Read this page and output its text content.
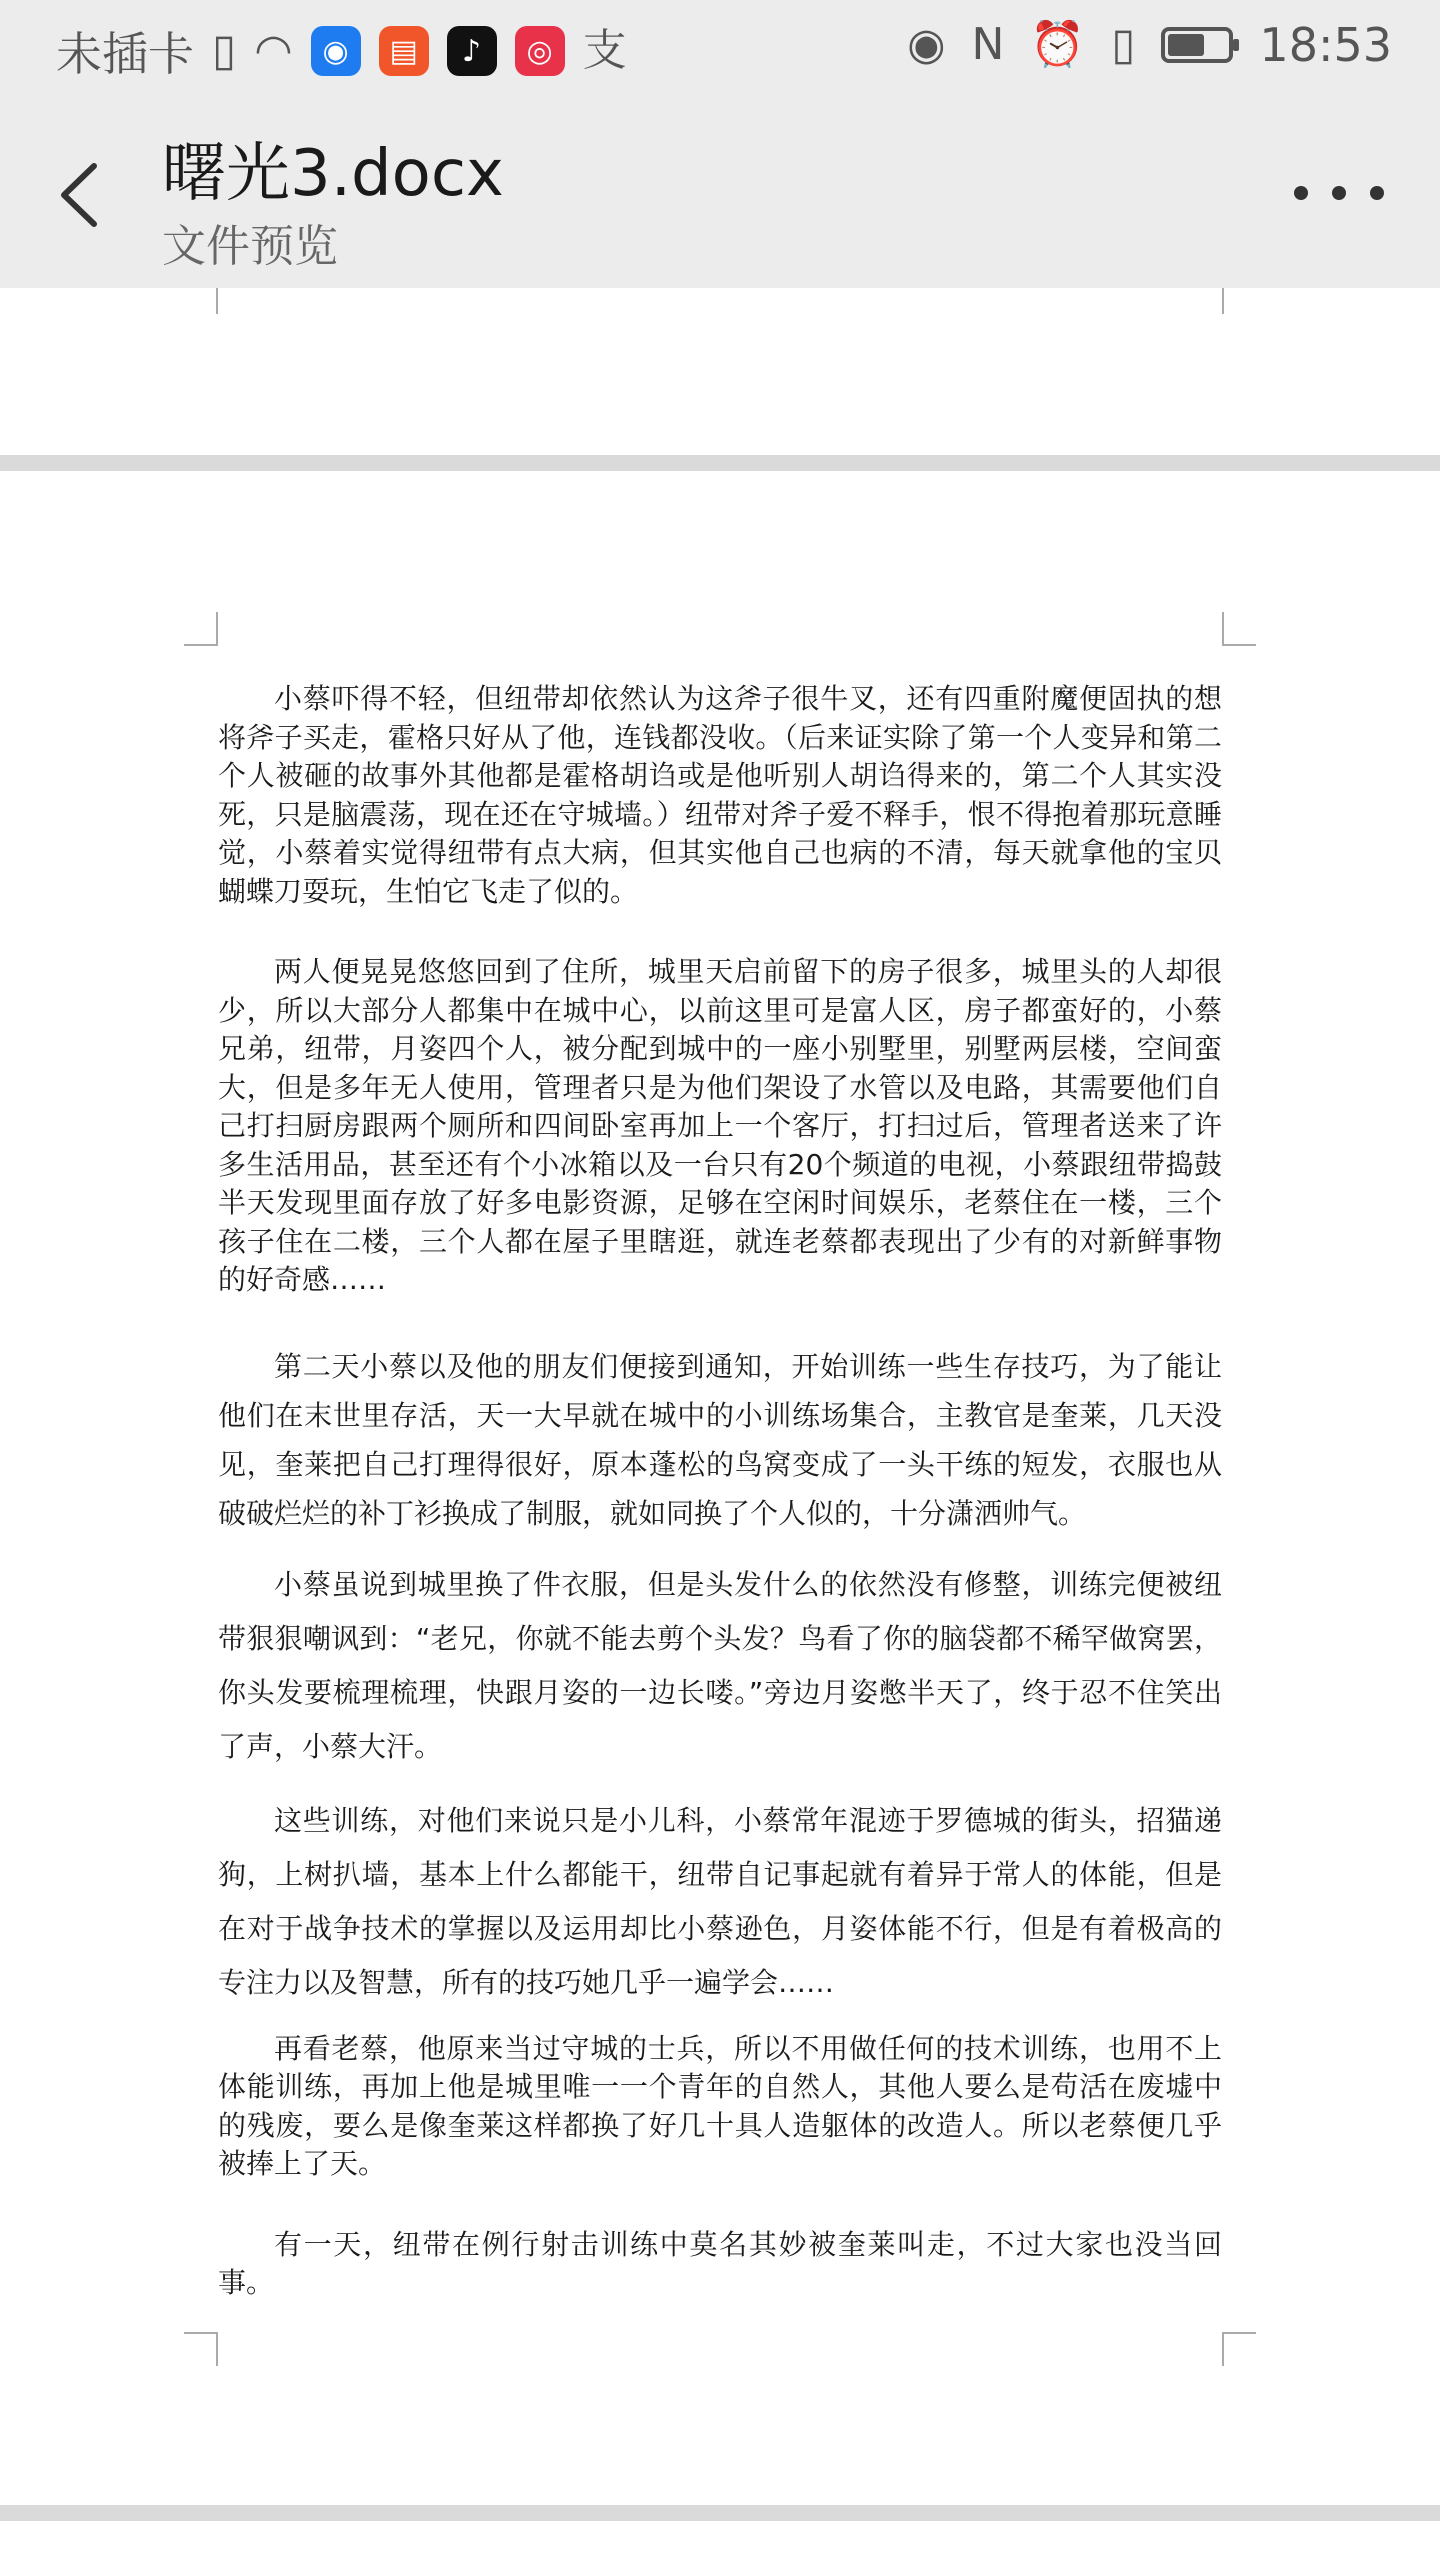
未插卡 ▯ ◠ ◉	▤	♪	◎ 支	◉ N ⏰ ▯	18:53
曙光3.docx
文件预览

小蔡吓得不轻，但纽带却依然认为这斧子很牛叉，还有四重附魔便固执的想将斧子买走，霍格只好从了他，连钱都没收。（后来证实除了第一个人变异和第二个人被砸的故事外其他都是霍格胡诌或是他听别人胡诌得来的，第二个人其实没死，只是脑震荡，现在还在守城墙。）纽带对斧子爱不释手，恨不得抱着那玩意睡觉，小蔡着实觉得纽带有点大病，但其实他自己也病的不清，每天就拿他的宝贝蝴蝶刀耍玩，生怕它飞走了似的。

两人便晃晃悠悠回到了住所，城里天启前留下的房子很多，城里头的人却很少，所以大部分人都集中在城中心，以前这里可是富人区，房子都蛮好的，小蔡兄弟，纽带，月姿四个人，被分配到城中的一座小别墅里，别墅两层楼，空间蛮大，但是多年无人使用，管理者只是为他们架设了水管以及电路，其需要他们自己打扫厨房跟两个厕所和四间卧室再加上一个客厅，打扫过后，管理者送来了许多生活用品，甚至还有个小冰箱以及一台只有20个频道的电视，小蔡跟纽带捣鼓半天发现里面存放了好多电影资源，足够在空闲时间娱乐，老蔡住在一楼，三个孩子住在二楼，三个人都在屋子里瞎逛，就连老蔡都表现出了少有的对新鲜事物的好奇感……

第二天小蔡以及他的朋友们便接到通知，开始训练一些生存技巧，为了能让他们在末世里存活，天一大早就在城中的小训练场集合，主教官是奎莱，几天没见，奎莱把自己打理得很好，原本蓬松的鸟窝变成了一头干练的短发，衣服也从破破烂烂的补丁衫换成了制服，就如同换了个人似的，十分潇洒帅气。

小蔡虽说到城里换了件衣服，但是头发什么的依然没有修整，训练完便被纽带狠狠嘲讽到：“老兄，你就不能去剪个头发？鸟看了你的脑袋都不稀罕做窝罢，你头发要梳理梳理，快跟月姿的一边长喽。”旁边月姿憋半天了，终于忍不住笑出了声，小蔡大汗。

这些训练，对他们来说只是小儿科，小蔡常年混迹于罗德城的街头，招猫递狗，上树扒墙，基本上什么都能干，纽带自记事起就有着异于常人的体能，但是在对于战争技术的掌握以及运用却比小蔡逊色，月姿体能不行，但是有着极高的专注力以及智慧，所有的技巧她几乎一遍学会……

再看老蔡，他原来当过守城的士兵，所以不用做任何的技术训练，也用不上体能训练，再加上他是城里唯一一个青年的自然人，其他人要么是苟活在废墟中的残废，要么是像奎莱这样都换了好几十具人造躯体的改造人。所以老蔡便几乎被捧上了天。

有一天，纽带在例行射击训练中莫名其妙被奎莱叫走，不过大家也没当回事。
